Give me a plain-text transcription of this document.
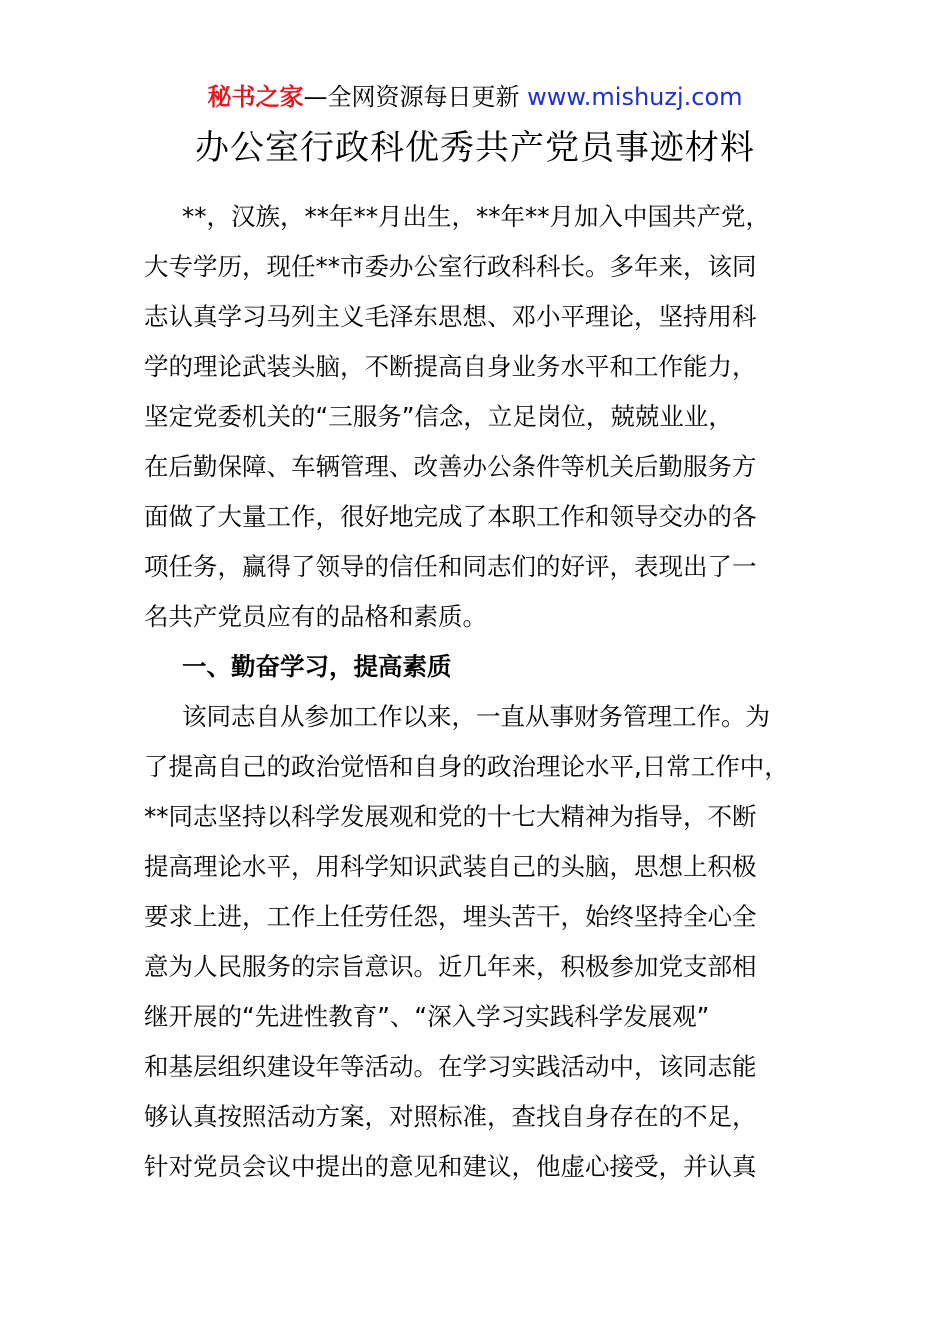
秘书之家—全网资源每日更新 www.mishuzj.com
办公室行政科优秀共产党员事迹材料
**，汉族，**年**月出生，**年**月加入中国共产党，
大专学历，现任**市委办公室行政科科长。多年来，该同
志认真学习马列主义毛泽东思想、邓小平理论，坚持用科
学的理论武装头脑，不断提高自身业务水平和工作能力，
坚定党委机关的“三服务”信念，立足岗位，兢兢业业，
在后勤保障、车辆管理、改善办公条件等机关后勤服务方
面做了大量工作，很好地完成了本职工作和领导交办的各
项任务，赢得了领导的信任和同志们的好评，表现出了一
名共产党员应有的品格和素质。
一、勤奋学习，提高素质
该同志自从参加工作以来，一直从事财务管理工作。为
了提高自己的政治觉悟和自身的政治理论水平,日常工作中，
**同志坚持以科学发展观和党的十七大精神为指导，不断
提高理论水平，用科学知识武装自己的头脑，思想上积极
要求上进，工作上任劳任怨，埋头苦干，始终坚持全心全
意为人民服务的宗旨意识。近几年来，积极参加党支部相
继开展的“先进性教育”、“深入学习实践科学发展观”
和基层组织建设年等活动。在学习实践活动中，该同志能
够认真按照活动方案，对照标准，查找自身存在的不足，
针对党员会议中提出的意见和建议，他虚心接受，并认真
